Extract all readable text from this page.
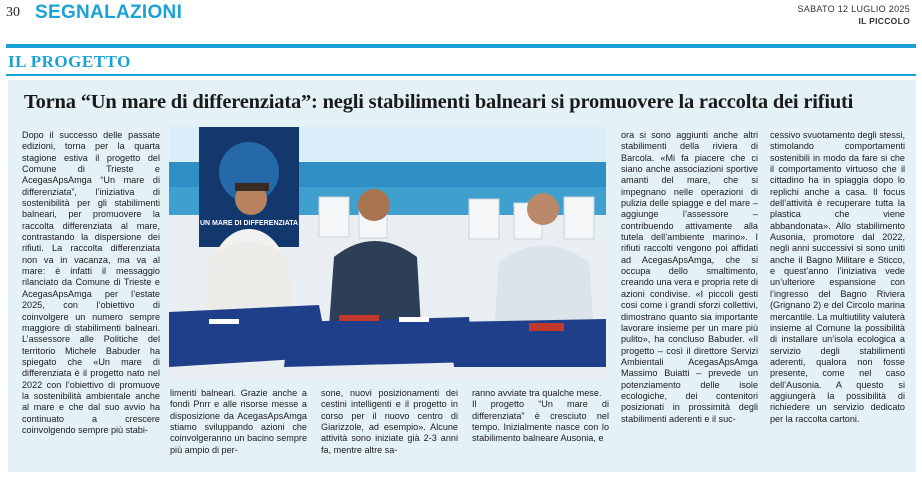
30 SEGNALAZIONI	SABATO 12 LUGLIO 2025
IL PICCOLO
IL PROGETTO
Torna “Un mare di differenziata”: negli stabilimenti balneari si promuovere la raccolta dei rifiuti

Dopo il successo delle passate edizioni, torna per la quarta stagione estiva il progetto del Comune di Trieste e AcegasApsAmga “Un mare di differenziata”, l’iniziativa di sostenibilità per gli stabilimenti balneari, per promuovere la raccolta differenziata al mare, contrastando la dispersione dei rifiuti. La raccolta differenziata non va in vacanza, ma va al mare: è infatti il messaggio rilanciato da Comune di Trieste e AcegasApsAmga per l’estate 2025, con l’obiettivo di coinvolgere un numero sempre maggiore di stabilimenti balneari. L’assessore alle Politiche del territorio Michele Babuder ha spiegato che «Un mare di differenziata è il progetto nato nel 2022 con l’obiettivo di promuove la sostenibilità ambientale anche al mare e che dal suo avvio ha continuato a crescere coinvolgendo sempre più stabi-

UN MARE DI DIFFERENZIATA

limenti balneari. Grazie anche a fondi Pnrr e alle risorse messe a disposizione da AcegasApsAmga stiamo sviluppando azioni che coinvolgeranno un bacino sempre più ampio di per-

sone, nuovi posizionamenti dei cestini intelligenti e il progetto in corso per il nuovo centro di Giarizzole, ad esempio». Alcune attività sono iniziate già 2-3 anni fa, mentre altre sa-

ranno avviate tra qualche mese.

Il progetto “Un mare di differenziata” è cresciuto nel tempo. Inizialmente nasce con lo stabilimento balneare Ausonia, e

ora si sono aggiunti anche altri stabilimenti della riviera di Barcola. «Mi fa piacere che ci siano anche associazioni sportive amanti del mare, che si impegnano nelle operazioni di pulizia delle spiagge e del mare – aggiunge l’assessore – contribuendo attivamente alla tutela dell’ambiente marino». I rifiuti raccolti vengono poi affidati ad AcegasApsAmga, che si occupa dello smaltimento, creando una vera e propria rete di azioni condivise. «I piccoli gesti cosi come i grandi sforzi collettivi, dimostrano quanto sia importante lavorare insieme per un mare più pulito», ha concluso Babuder. «Il progetto – così il direttore Servizi Ambientali AcegasApsAmga Massimo Buiatti – prevede un potenziamento delle isole ecologiche, dei contenitori posizionati in prossimità degli stabilimenti aderenti e il suc-

cessivo svuotamento degli stessi, stimolando comportamenti sostenibili in modo da fare si che il comportamento virtuoso che il cittadino ha in spiaggia dopo lo replichi anche a casa. Il focus dell’attività è recuperare tutta la plastica che viene abbandonata». Allo stabilimento Ausonia, promotore dal 2022, negli anni successivi si sono uniti anche il Bagno Militare e Sticco, e quest’anno l’iniziativa vede un’ulteriore espansione con l’ingresso del Bagno Riviera (Grignano 2) e del Circolo marina mercantile. La multiutility valuterà insieme al Comune la possibilità di installare un’isola ecologica a servizio degli stabilimenti aderenti, qualora non fosse presente, come nel caso dell’Ausonia. A questo si aggiungerà la possibilità di richiedere un servizio dedicato per la raccolta cartoni.
